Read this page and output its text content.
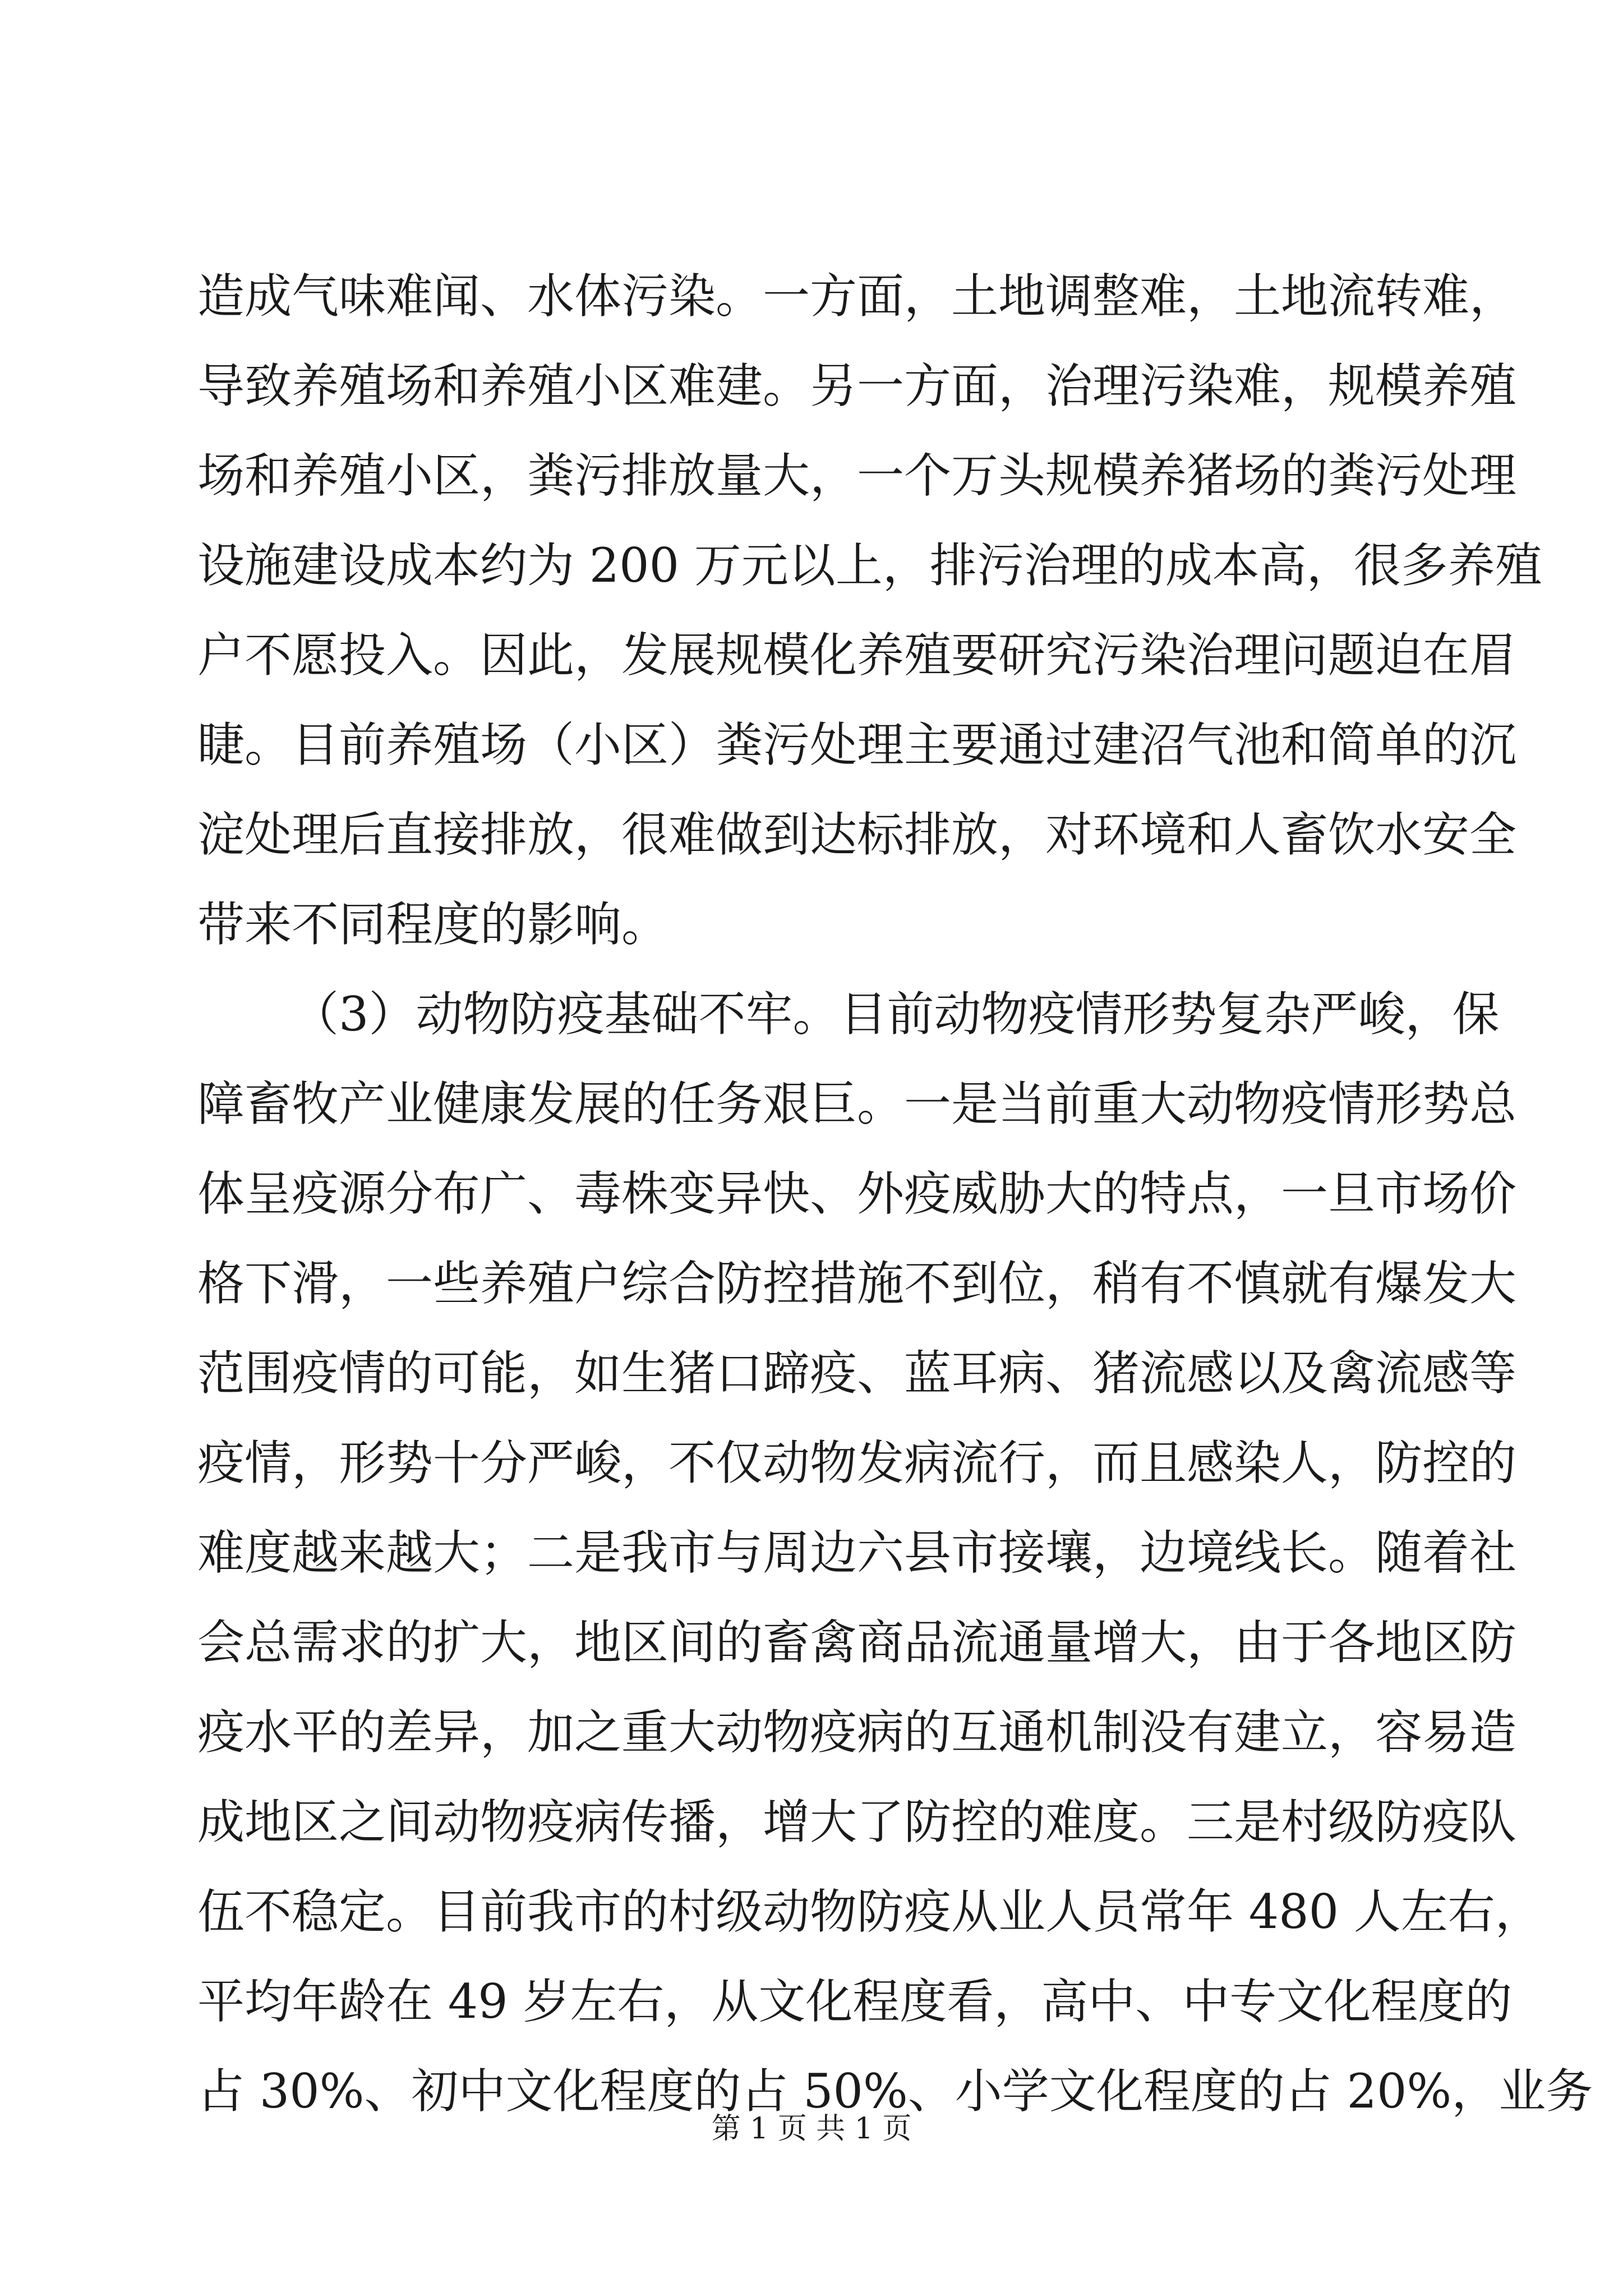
造成气味难闻、水体污染。一方面，土地调整难，土地流转难，
导致养殖场和养殖小区难建。另一方面，治理污染难，规模养殖
场和养殖小区，粪污排放量大，一个万头规模养猪场的粪污处理
设施建设成本约为 200 万元以上，排污治理的成本高，很多养殖
户不愿投入。因此，发展规模化养殖要研究污染治理问题迫在眉
睫。目前养殖场（小区）粪污处理主要通过建沼气池和简单的沉
淀处理后直接排放，很难做到达标排放，对环境和人畜饮水安全
带来不同程度的影响。
（3）动物防疫基础不牢。目前动物疫情形势复杂严峻，保
障畜牧产业健康发展的任务艰巨。一是当前重大动物疫情形势总
体呈疫源分布广、毒株变异快、外疫威胁大的特点，一旦市场价
格下滑，一些养殖户综合防控措施不到位，稍有不慎就有爆发大
范围疫情的可能，如生猪口蹄疫、蓝耳病、猪流感以及禽流感等
疫情，形势十分严峻，不仅动物发病流行，而且感染人，防控的
难度越来越大；二是我市与周边六县市接壤，边境线长。随着社
会总需求的扩大，地区间的畜禽商品流通量增大，由于各地区防
疫水平的差异，加之重大动物疫病的互通机制没有建立，容易造
成地区之间动物疫病传播，增大了防控的难度。三是村级防疫队
伍不稳定。目前我市的村级动物防疫从业人员常年 480 人左右，
平均年龄在 49 岁左右，从文化程度看，高中、中专文化程度的
占 30%、初中文化程度的占 50%、小学文化程度的占 20%，业务
第 1 页 共 1 页
